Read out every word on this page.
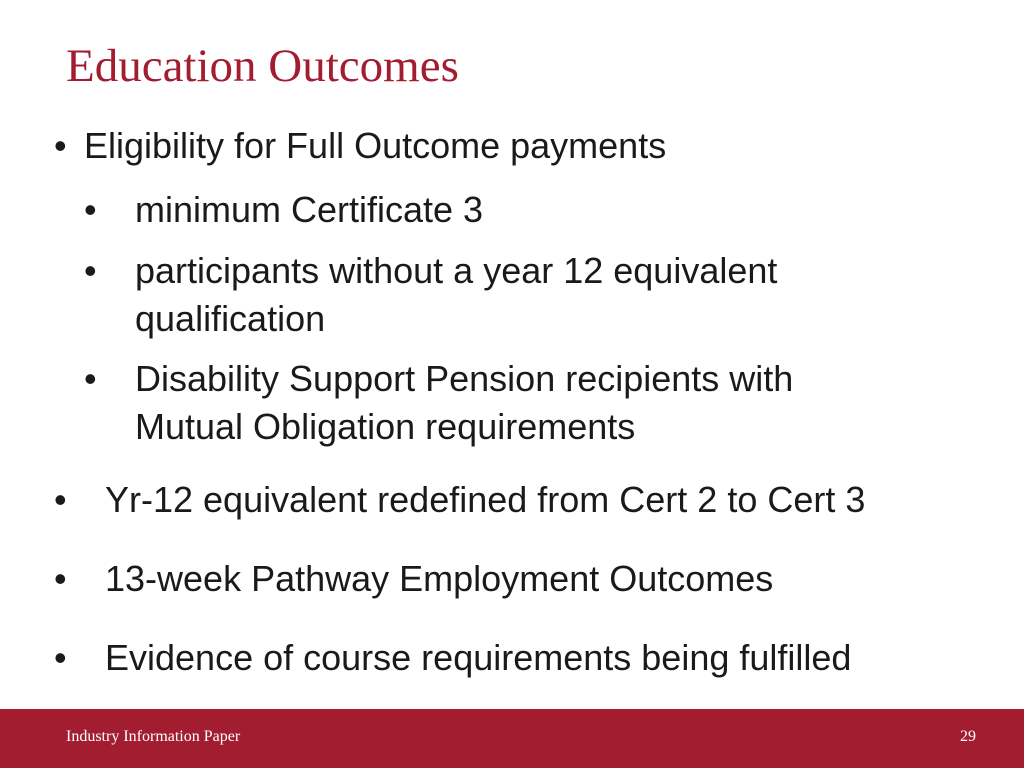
Education Outcomes
• Eligibility for Full Outcome payments
• minimum Certificate 3
• participants without a year 12 equivalent
qualification
• Disability Support Pension recipients with
Mutual Obligation requirements
• Yr-12 equivalent redefined from Cert 2 to Cert 3
• 13-week Pathway Employment Outcomes
• Evidence of course requirements being fulfilled
Industry Information Paper	29
